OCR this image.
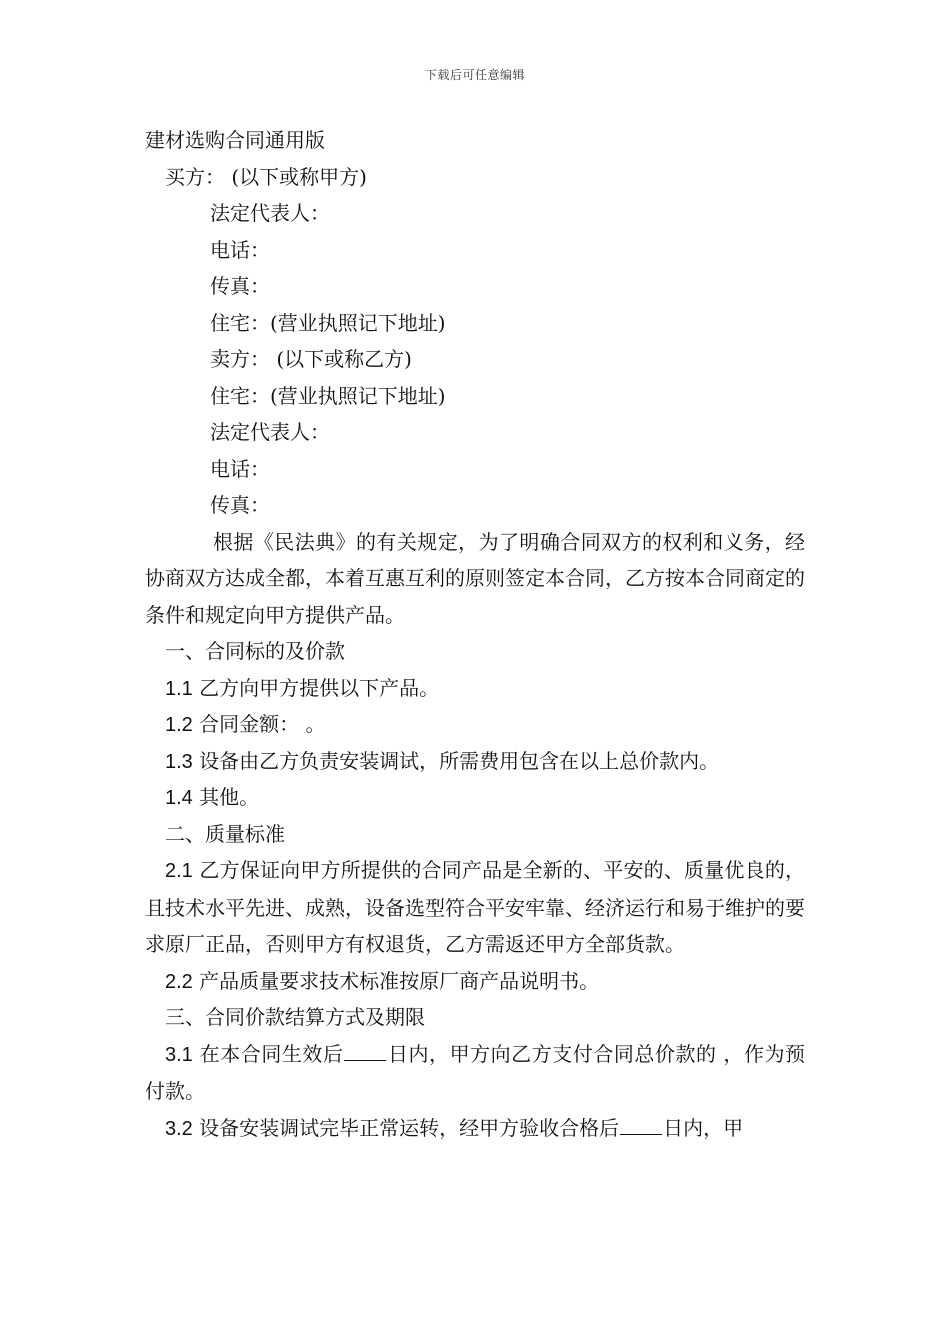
下载后可任意编辑
建材选购合同通用版
买方： (以下或称甲方)
法定代表人：
电话：
传真：
住宅：(营业执照记下地址)
卖方： (以下或称乙方)
住宅：(营业执照记下地址)
法定代表人：
电话：
传真：
根据《民法典》的有关规定，为了明确合同双方的权利和义务，经协商双方达成全都，本着互惠互利的原则签定本合同，乙方按本合同商定的条件和规定向甲方提供产品。
一、合同标的及价款
1.1 乙方向甲方提供以下产品。
1.2 合同金额： 。
1.3 设备由乙方负责安装调试，所需费用包含在以上总价款内。
1.4 其他。
二、质量标准
2.1 乙方保证向甲方所提供的合同产品是全新的、平安的、质量优良的，且技术水平先进、成熟，设备选型符合平安牢靠、经济运行和易于维护的要求原厂正品，否则甲方有权退货，乙方需返还甲方全部货款。
2.2 产品质量要求技术标准按原厂商产品说明书。
三、合同价款结算方式及期限
3.1 在本合同生效后 日内，甲方向乙方支付合同总价款的 ，作为预付款。
3.2 设备安装调试完毕正常运转，经甲方验收合格后 日内，甲
